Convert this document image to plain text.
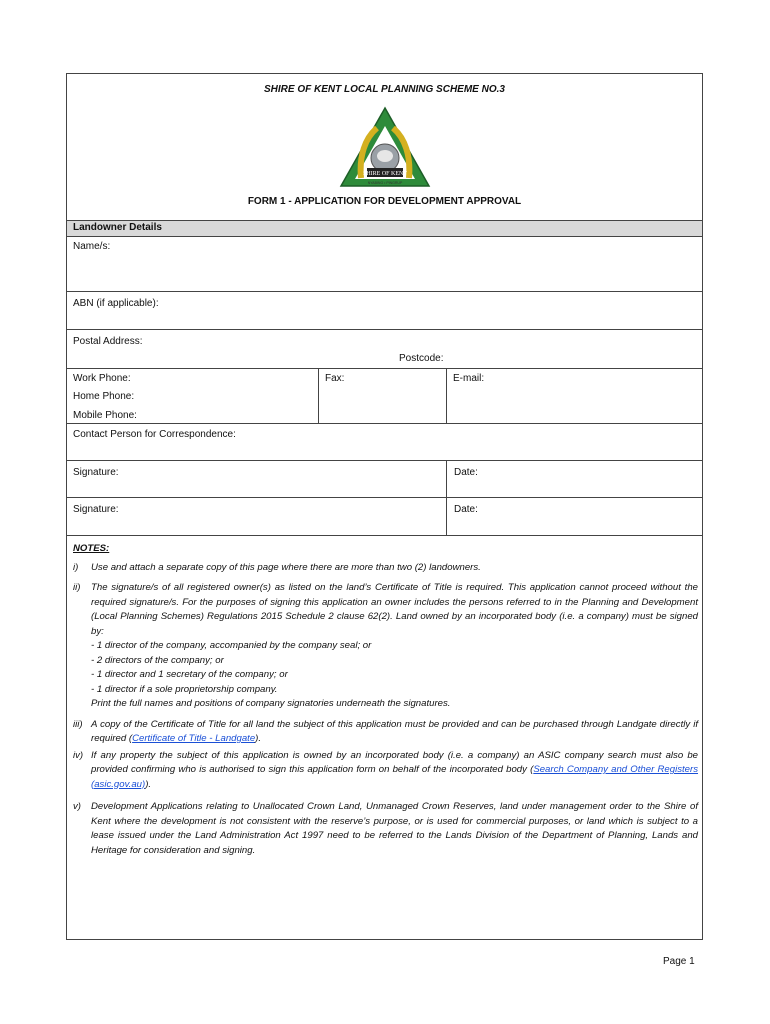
SHIRE OF KENT LOCAL PLANNING SCHEME NO.3
SHIRE OF KENT
NYABING • PINGRUP
FORM 1 - APPLICATION FOR DEVELOPMENT APPROVAL
Landowner Details
Name/s:
ABN (if applicable):
Postal Address:
Postcode:
Work Phone:
Home Phone:
Mobile Phone:
Fax:	E-mail:
Contact Person for Correspondence:
Signature:	Date:
Signature:	Date:
NOTES:
i)	Use and attach a separate copy of this page where there are more than two (2) landowners.
ii)	The signature/s of all registered owner(s) as listed on the land’s Certificate of Title is required. This application cannot proceed without the required signature/s. For the purposes of signing this application an owner includes the persons referred to in the Planning and Development (Local Planning Schemes) Regulations 2015 Schedule 2 clause 62(2). Land owned by an incorporated body (i.e. a company) must be signed by:
- 1 director of the company, accompanied by the company seal; or
- 2 directors of the company; or
- 1 director and 1 secretary of the company; or
- 1 director if a sole proprietorship company.
Print the full names and positions of company signatories underneath the signatures.
iii) A copy of the Certificate of Title for all land the subject of this application must be provided and can be purchased through Landgate directly if required (Certificate of Title - Landgate).
iv) If any property the subject of this application is owned by an incorporated body (i.e. a company) an ASIC company search must also be provided confirming who is authorised to sign this application form on behalf of the incorporated body (Search Company and Other Registers (asic.gov.au)).
v)	Development Applications relating to Unallocated Crown Land, Unmanaged Crown Reserves, land under management order to the Shire of Kent where the development is not consistent with the reserve’s purpose, or is used for commercial purposes, or land which is subject to a lease issued under the Land Administration Act 1997 need to be referred to the Lands Division of the Department of Planning, Lands and Heritage for consideration and signing.
Page 1
